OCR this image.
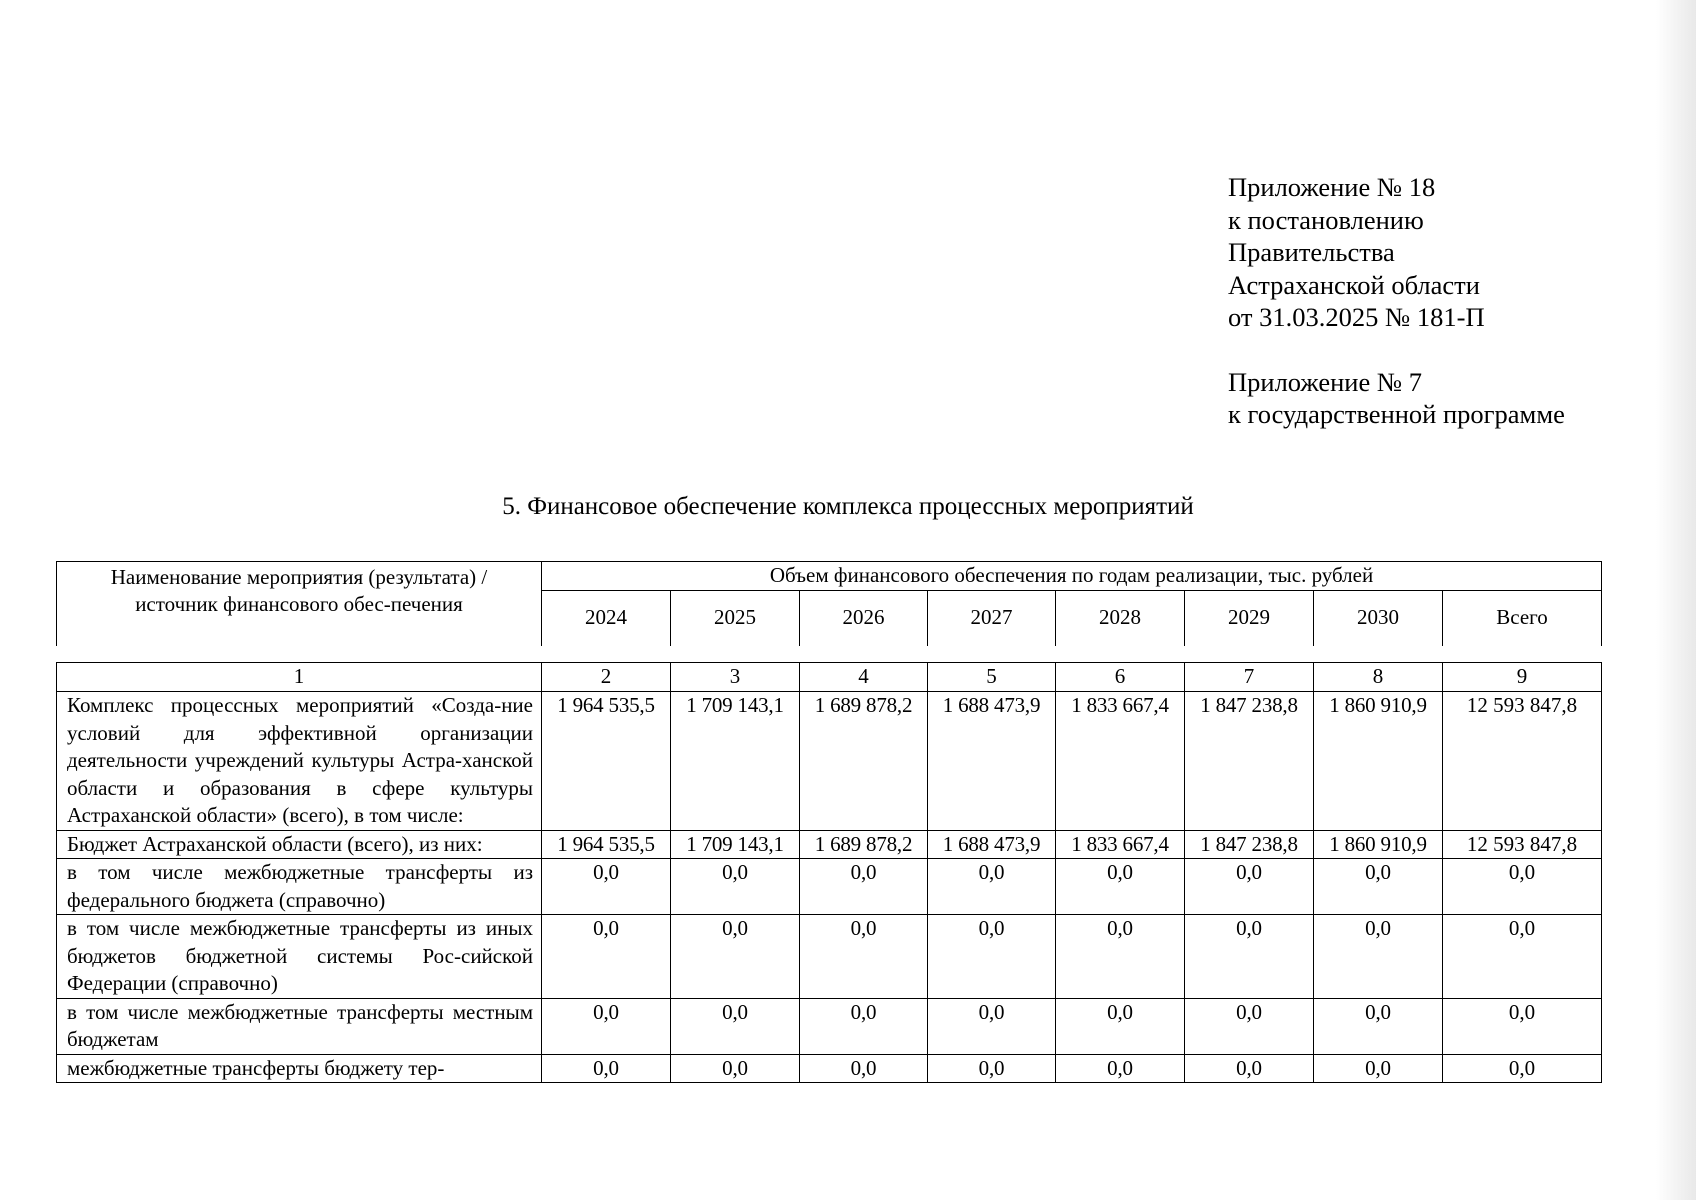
Приложение № 18
к постановлению
Правительства
Астраханской области
от 31.03.2025 № 181-П
Приложение № 7
к государственной программе
5. Финансовое обеспечение комплекса процессных мероприятий
Наименование мероприятия (результата) / источник финансового обес-печения	Объем финансового обеспечения по годам реализации, тыс. рублей							
	2024	2025	2026	2027	2028	2029	2030	Всего
1	2	3	4	5	6	7	8	9
Комплекс процессных мероприятий «Созда-ние условий для эффективной организации деятельности учреждений культуры Астра-ханской области и образования в сфере культуры Астраханской области» (всего), в том числе:	1 964 535,5	1 709 143,1	1 689 878,2	1 688 473,9	1 833 667,4	1 847 238,8	1 860 910,9	12 593 847,8
Бюджет Астраханской области (всего), из них:	1 964 535,5	1 709 143,1	1 689 878,2	1 688 473,9	1 833 667,4	1 847 238,8	1 860 910,9	12 593 847,8
в том числе межбюджетные трансферты из федерального бюджета (справочно)	0,0	0,0	0,0	0,0	0,0	0,0	0,0	0,0
в том числе межбюджетные трансферты из иных бюджетов бюджетной системы Рос-сийской Федерации (справочно)	0,0	0,0	0,0	0,0	0,0	0,0	0,0	0,0
в том числе межбюджетные трансферты местным бюджетам	0,0	0,0	0,0	0,0	0,0	0,0	0,0	0,0
межбюджетные трансферты бюджету тер-	0,0	0,0	0,0	0,0	0,0	0,0	0,0	0,0
